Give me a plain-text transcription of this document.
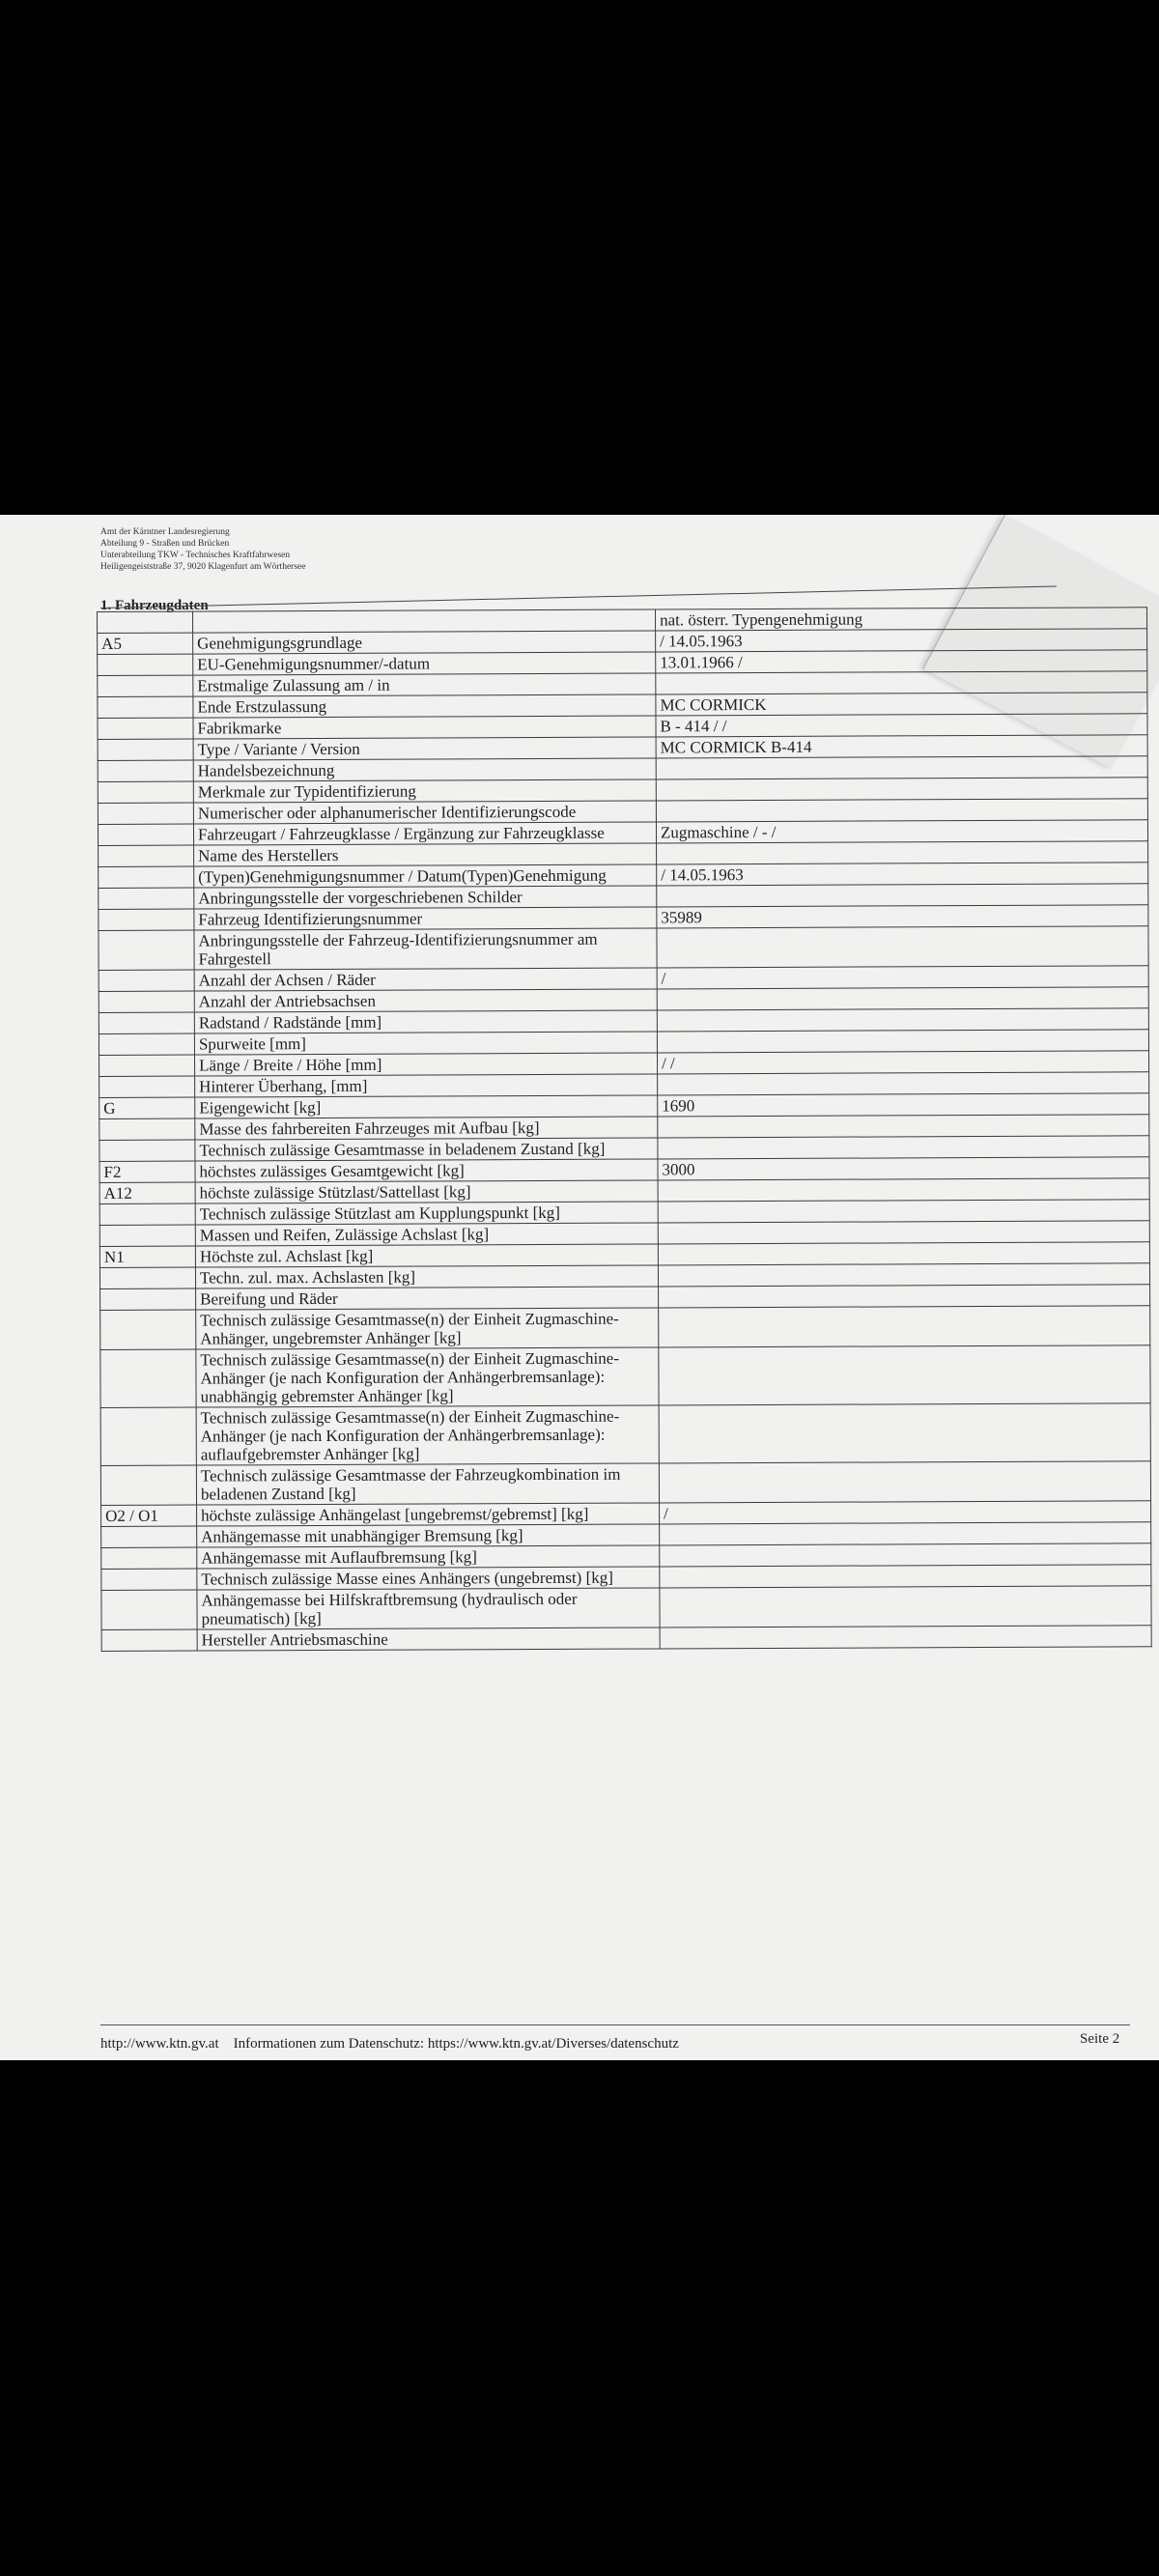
Amt der Kärntner Landesregierung
Abteilung 9 - Straßen und Brücken
Unterabteilung TKW - Technisches Kraftfahrwesen
Heiligengeiststraße 37, 9020 Klagenfurt am Wörthersee
1. Fahrzeugdaten
		nat. österr. Typengenehmigung
A5	Genehmigungsgrundlage	/ 14.05.1963
	EU-Genehmigungsnummer/-datum	13.01.1966 /
	Erstmalige Zulassung am / in	
	Ende Erstzulassung	MC CORMICK
	Fabrikmarke	B - 414 / /
	Type / Variante / Version	MC CORMICK B-414
	Handelsbezeichnung	
	Merkmale zur Typidentifizierung	
	Numerischer oder alphanumerischer Identifizierungscode	
	Fahrzeugart / Fahrzeugklasse / Ergänzung zur Fahrzeugklasse	Zugmaschine / - /
	Name des Herstellers	
	(Typen)Genehmigungsnummer / Datum(Typen)Genehmigung	/ 14.05.1963
	Anbringungsstelle der vorgeschriebenen Schilder	
	Fahrzeug Identifizierungsnummer	35989
	Anbringungsstelle der Fahrzeug-Identifizierungsnummer am Fahrgestell	
	Anzahl der Achsen / Räder	/
	Anzahl der Antriebsachsen	
	Radstand / Radstände [mm]	
	Spurweite [mm]	
	Länge / Breite / Höhe [mm]	/ /
	Hinterer Überhang, [mm]	
G	Eigengewicht [kg]	1690
	Masse des fahrbereiten Fahrzeuges mit Aufbau [kg]	
	Technisch zulässige Gesamtmasse in beladenem Zustand [kg]	
F2	höchstes zulässiges Gesamtgewicht [kg]	3000
A12	höchste zulässige Stützlast/Sattellast [kg]	
	Technisch zulässige Stützlast am Kupplungspunkt [kg]	
	Massen und Reifen, Zulässige Achslast [kg]	
N1	Höchste zul. Achslast [kg]	
	Techn. zul. max. Achslasten [kg]	
	Bereifung und Räder	
	Technisch zulässige Gesamtmasse(n) der Einheit Zugmaschine-Anhänger, ungebremster Anhänger [kg]	
	Technisch zulässige Gesamtmasse(n) der Einheit Zugmaschine-Anhänger (je nach Konfiguration der Anhängerbremsanlage): unabhängig gebremster Anhänger [kg]	
	Technisch zulässige Gesamtmasse(n) der Einheit Zugmaschine-Anhänger (je nach Konfiguration der Anhängerbremsanlage): auflaufgebremster Anhänger [kg]	
	Technisch zulässige Gesamtmasse der Fahrzeugkombination im beladenen Zustand [kg]	
O2 / O1	höchste zulässige Anhängelast [ungebremst/gebremst] [kg]	/
	Anhängemasse mit unabhängiger Bremsung [kg]	
	Anhängemasse mit Auflaufbremsung [kg]	
	Technisch zulässige Masse eines Anhängers (ungebremst) [kg]	
	Anhängemasse bei Hilfskraftbremsung (hydraulisch oder pneumatisch) [kg]	
	Hersteller Antriebsmaschine	
http://www.ktn.gv.at Informationen zum Datenschutz: https://www.ktn.gv.at/Diverses/datenschutz	Seite 2
